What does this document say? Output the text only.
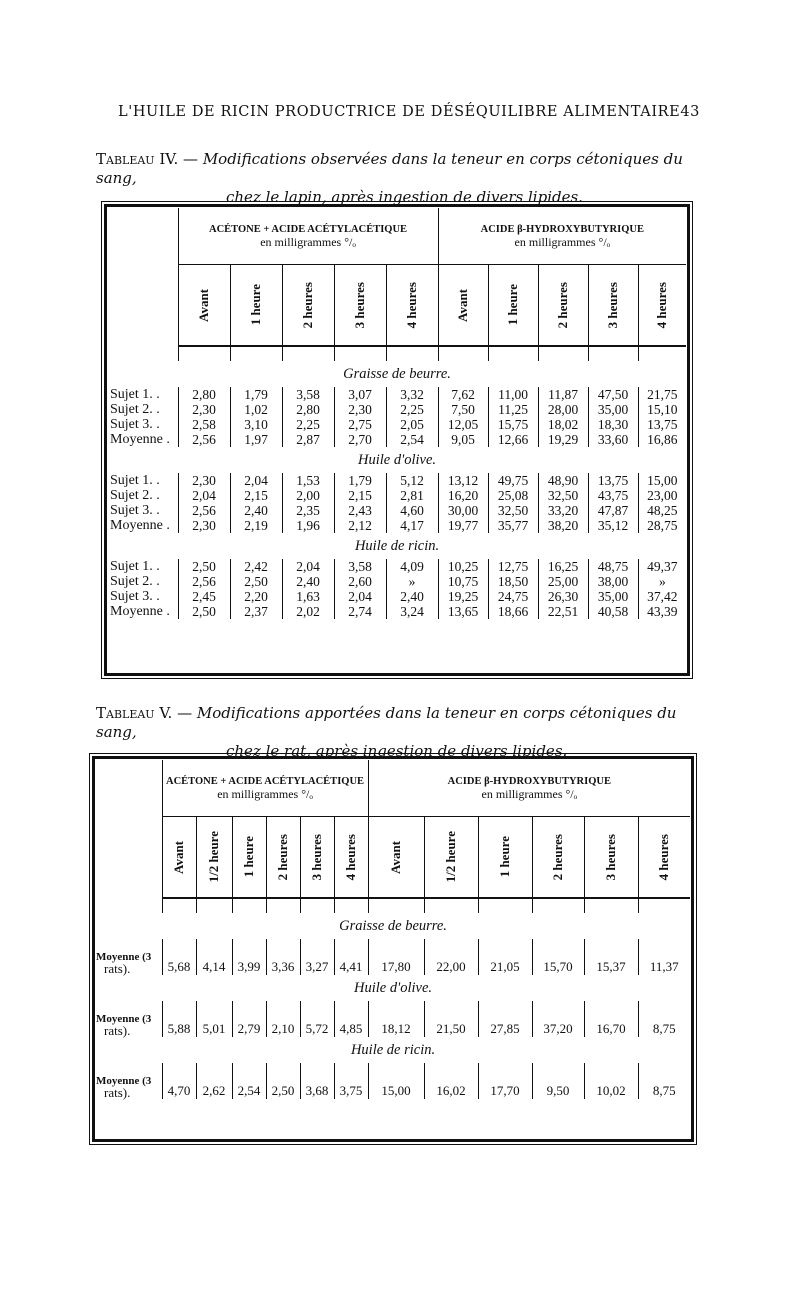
L'HUILE DE RICIN PRODUCTRICE DE DÉSÉQUILIBRE ALIMENTAIRE 43
Tableau IV. — Modifications observées dans la teneur en corps cétoniques du sang,
chez le lapin, après ingestion de divers lipides.
	ACÉTONE + ACIDE ACÉTYLACÉTIQUE
en milligrammes °/ₒ					ACIDE β-HYDROXYBUTYRIQUE
en milligrammes °/ₒ				

	Avant	1 heure	2 heures	3 heures	4 heures	Avant	1 heure	2 heures	3 heures	4 heures

Graisse de beurre.										
Sujet 1. .	2,80	1,79	3,58	3,07	3,32	7,62	11,00	11,87	47,50	21,75
Sujet 2. .	2,30	1,02	2,80	2,30	2,25	7,50	11,25	28,00	35,00	15,10
Sujet 3. .	2,58	3,10	2,25	2,75	2,05	12,05	15,75	18,02	18,30	13,75
Moyenne .	2,56	1,97	2,87	2,70	2,54	9,05	12,66	19,29	33,60	16,86
Huile d'olive.										
Sujet 1. .	2,30	2,04	1,53	1,79	5,12	13,12	49,75	48,90	13,75	15,00
Sujet 2. .	2,04	2,15	2,00	2,15	2,81	16,20	25,08	32,50	43,75	23,00
Sujet 3. .	2,56	2,40	2,35	2,43	4,60	30,00	32,50	33,20	47,87	48,25
Moyenne .	2,30	2,19	1,96	2,12	4,17	19,77	35,77	38,20	35,12	28,75
Huile de ricin.										
Sujet 1. .	2,50	2,42	2,04	3,58	4,09	10,25	12,75	16,25	48,75	49,37
Sujet 2. .	2,56	2,50	2,40	2,60	»	10,75	18,50	25,00	38,00	»
Sujet 3. .	2,45	2,20	1,63	2,04	2,40	19,25	24,75	26,30	35,00	37,42
Moyenne .	2,50	2,37	2,02	2,74	3,24	13,65	18,66	22,51	40,58	43,39
Tableau V. — Modifications apportées dans la teneur en corps cétoniques du sang,
chez le rat, après ingestion de divers lipides.
	ACÉTONE + ACIDE ACÉTYLACÉTIQUE
en milligrammes °/ₒ						ACIDE β-HYDROXYBUTYRIQUE
en milligrammes °/ₒ					

	Avant	1/2 heure	1 heure	2 heures	3 heures	4 heures	Avant	1/2 heure	1 heure	2 heures	3 heures	4 heures

Graisse de beurre.												
Moyenne (3
rats).	5,68	4,14	3,99	3,36	3,27	4,41	17,80	22,00	21,05	15,70	15,37	11,37
Huile d'olive.												
Moyenne (3
rats).	5,88	5,01	2,79	2,10	5,72	4,85	18,12	21,50	27,85	37,20	16,70	8,75
Huile de ricin.												
Moyenne (3
rats).	4,70	2,62	2,54	2,50	3,68	3,75	15,00	16,02	17,70	9,50	10,02	8,75
